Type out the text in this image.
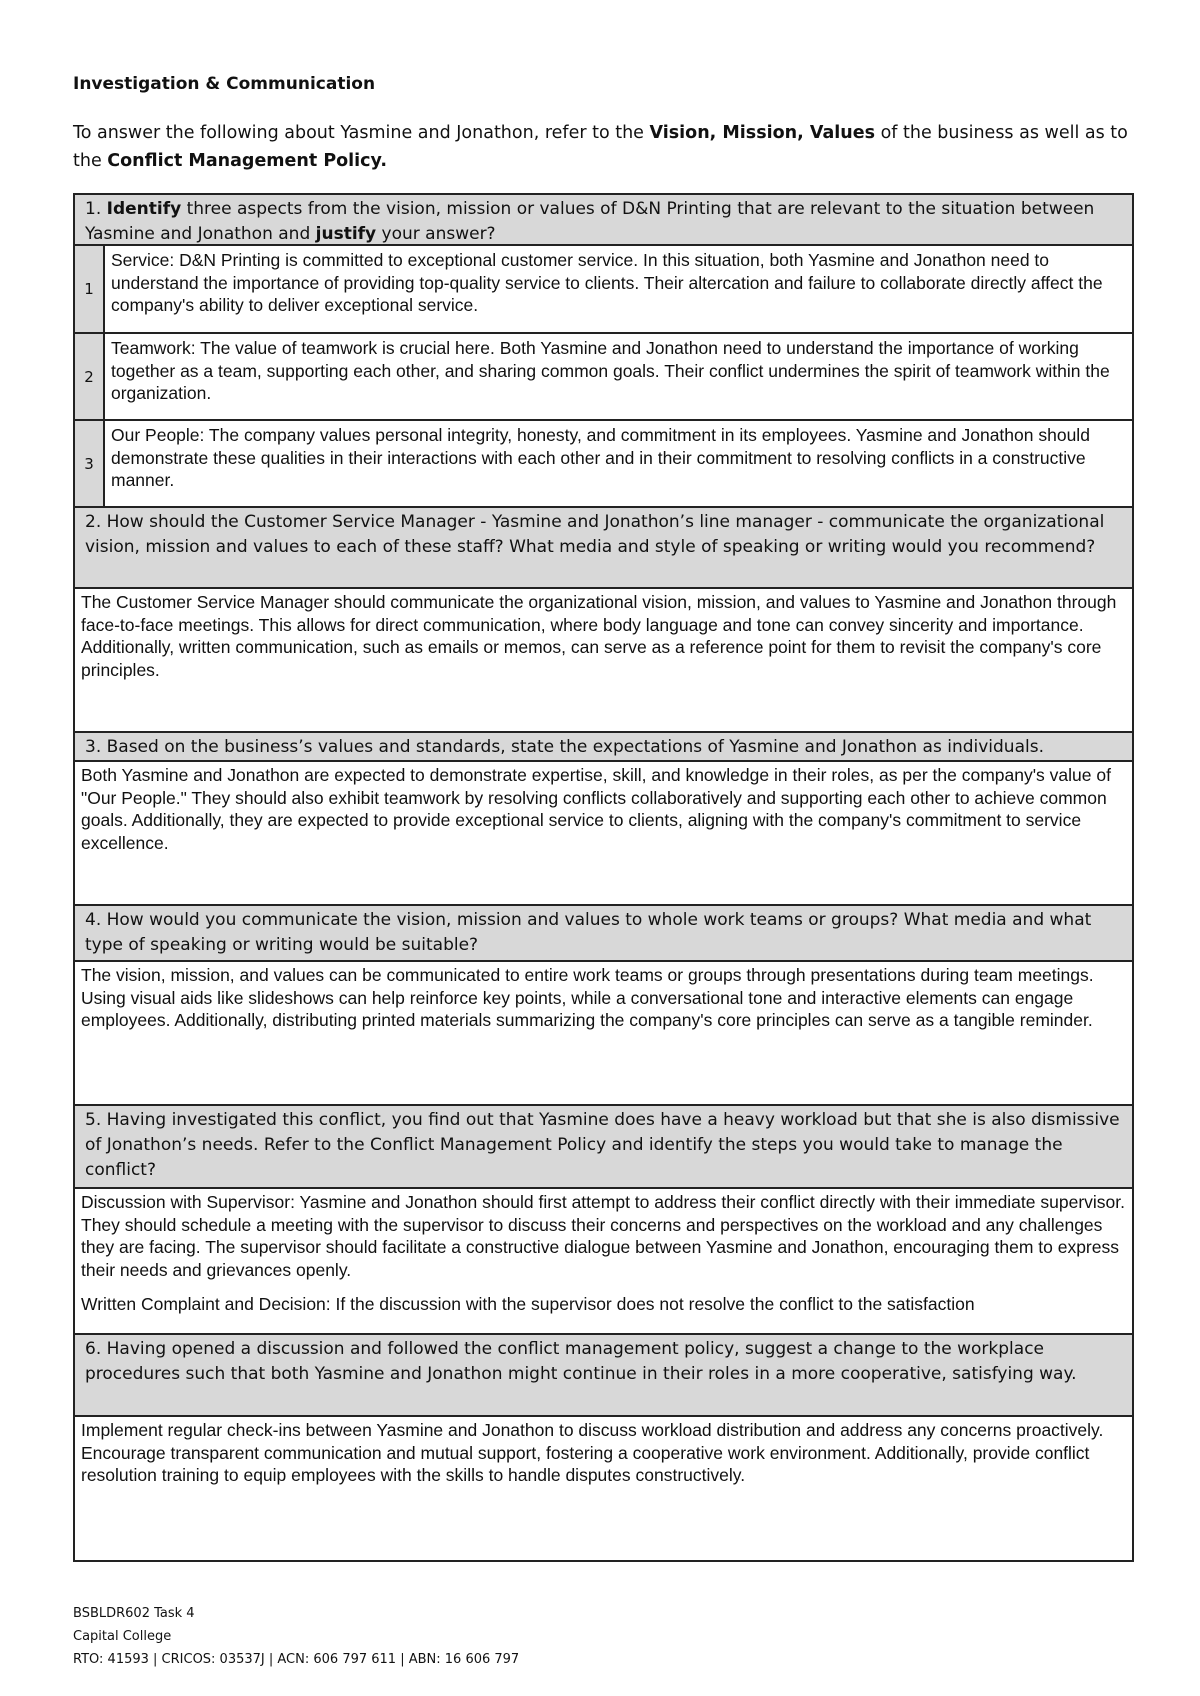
Investigation & Communication
To answer the following about Yasmine and Jonathon, refer to the Vision, Mission, Values of the business as well as to the Conflict Management Policy.
1. Identify three aspects from the vision, mission or values of D&N Printing that are relevant to the situation between Yasmine and Jonathon and justify your answer?
1
Service: D&N Printing is committed to exceptional customer service. In this situation, both Yasmine and Jonathon need to understand the importance of providing top-quality service to clients. Their altercation and failure to collaborate directly affect the company's ability to deliver exceptional service.
2
Teamwork: The value of teamwork is crucial here. Both Yasmine and Jonathon need to understand the importance of working together as a team, supporting each other, and sharing common goals. Their conflict undermines the spirit of teamwork within the organization.
3
Our People: The company values personal integrity, honesty, and commitment in its employees. Yasmine and Jonathon should demonstrate these qualities in their interactions with each other and in their commitment to resolving conflicts in a constructive manner.
2. How should the Customer Service Manager - Yasmine and Jonathon’s line manager - communicate the organizational vision, mission and values to each of these staff? What media and style of speaking or writing would you recommend?
The Customer Service Manager should communicate the organizational vision, mission, and values to Yasmine and Jonathon through face-to-face meetings. This allows for direct communication, where body language and tone can convey sincerity and importance. Additionally, written communication, such as emails or memos, can serve as a reference point for them to revisit the company's core principles.
3. Based on the business’s values and standards, state the expectations of Yasmine and Jonathon as individuals.
Both Yasmine and Jonathon are expected to demonstrate expertise, skill, and knowledge in their roles, as per the company's value of "Our People." They should also exhibit teamwork by resolving conflicts collaboratively and supporting each other to achieve common goals. Additionally, they are expected to provide exceptional service to clients, aligning with the company's commitment to service excellence.
4. How would you communicate the vision, mission and values to whole work teams or groups? What media and what type of speaking or writing would be suitable?
The vision, mission, and values can be communicated to entire work teams or groups through presentations during team meetings. Using visual aids like slideshows can help reinforce key points, while a conversational tone and interactive elements can engage employees. Additionally, distributing printed materials summarizing the company's core principles can serve as a tangible reminder.
5. Having investigated this conflict, you find out that Yasmine does have a heavy workload but that she is also dismissive of Jonathon’s needs. Refer to the Conflict Management Policy and identify the steps you would take to manage the conflict?

Discussion with Supervisor: Yasmine and Jonathon should first attempt to address their conflict directly with their immediate supervisor. They should schedule a meeting with the supervisor to discuss their concerns and perspectives on the workload and any challenges they are facing. The supervisor should facilitate a constructive dialogue between Yasmine and Jonathon, encouraging them to express their needs and grievances openly.

Written Complaint and Decision: If the discussion with the supervisor does not resolve the conflict to the satisfaction

6. Having opened a discussion and followed the conflict management policy, suggest a change to the workplace procedures such that both Yasmine and Jonathon might continue in their roles in a more cooperative, satisfying way.
Implement regular check-ins between Yasmine and Jonathon to discuss workload distribution and address any concerns proactively. Encourage transparent communication and mutual support, fostering a cooperative work environment. Additionally, provide conflict resolution training to equip employees with the skills to handle disputes constructively.
BSBLDR602 Task 4
Capital College
RTO: 41593 | CRICOS: 03537J | ACN: 606 797 611 | ABN: 16 606 797
